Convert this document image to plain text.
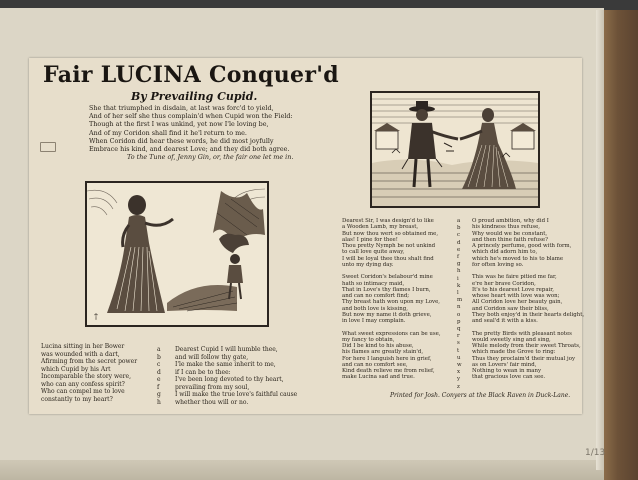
1/13
Fair LUCINA Conquer'd
By Prevailing Cupid.
She that triumphed in disdain, at last was forc'd to yield,
And of her self she thus complain'd when Cupid won the Field:
Though at the first I was unkind, yet now I'le loving be,
And of my Coridon shall find it he'l return to me.
When Coridon did hear these words, he did most joyfully
Embrace his kind, and dearest Love; and they did both agree.
To the Tune of, Jenny Gin, or, the fair one let me in.
†
Lucina sitting in her Bower
was wounded with a dart,
Afirming from the secret power
which Cupid by his Art
Incomparable the story were,
who can any confess spirit?
Who can compel me to love
constantly to my heart?
a
b
c
d
e
f
g
h
Dearest Cupid I will humble thee,
and will follow thy gate,
I'le make the same inherit to me,
if I can be to thee:
I've been long devoted to thy heart,
prevailing from my soul,
I will make the true love's faithful cause
whether thou will or no.
Dearest Sir, I was design'd to like
a Wooden Lamb, my breast,
But now thou wert so obtained me,
alas! I pine for thee!
Thou pretty Nymph be not unkind
to call love quite away,
I will be loyal thee thou shalt find
unto my dying day.

Sweet Coridon's belabour'd mine
hath so intimacy maid,
That in Love's thy flames I burn,
and can no comfort find;
Thy breast hath won upon my Love,
and both love is kissing,
But now my name it doth grieve,
in love I may complain.

What sweet expressions can be use,
my fancy to obtain,
Did I be kind to his abuse,
his flames are greatly stain'd,
For here I languish here in grief,
and can no comfort see,
Kind death relieve me from relief,
make Lucina sad and true.
a
b
c
d
e
f
g
h
i
k
l
m
n
o
p
q
r
s
t
u
w
x
y
z
O proud ambition, why did I
his kindness thus refuse,
Why would we be constant,
and then thine faith refuse?
A princely perfume, good with form,
which did adorn him to,
which he's moved to his to blame
for often loving so.

This was he faire pitied me far,
e're her brave Coridon,
It's to his dearest Love repair,
whose heart with love was won;
All Coridon love her beauty gain,
and Coridon saw their bliss,
They both enjoy'd in their hearts delight,
and seal'd it with a kiss.

The pretty Birds with pleasant notes
would sweetly sing and sing,
While melody from their sweet Throats,
which made the Grove to ring:
Thus they proclaim'd their mutual joy
as on Lovers' fair mind,
Nothing to wean in many
that gracious love can see.
Printed for Josh. Conyers at the Black Raven in Duck-Lane.
